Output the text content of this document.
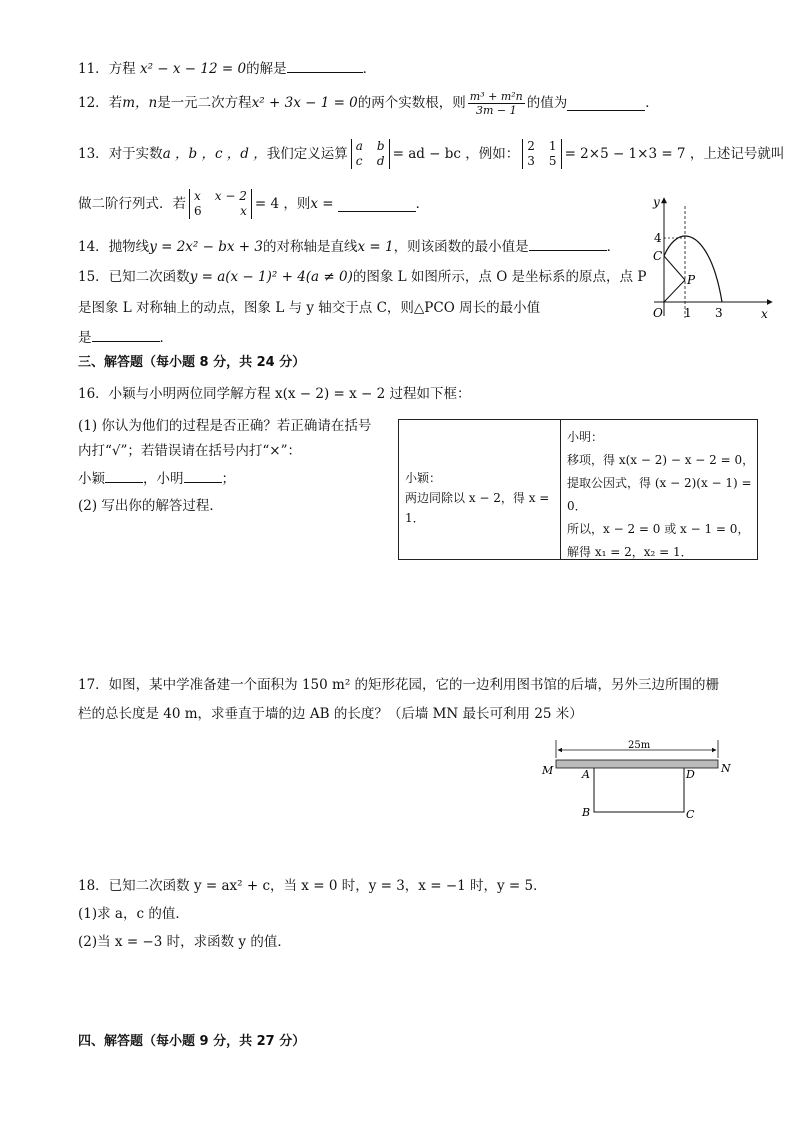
11．方程 x² − x − 12 = 0的解是	．
12． 若 m，n 是一元二次方程 x² + 3x − 1 = 0 的两个实数根，则 $\frac{\text{m³ + m²n}}{3m - 1}$ 的值为	．
13． 对于实数 a ，b ，c ，d ， 我们定义运算 a b
c d = ad − bc ， 例如： 2 1
3 5 = 2×5 − 1×3 = 7 ，上述记号就叫
做二阶行列式．若 x x − 2
6	x = 4 ，则 x =	．
14．抛物线y = 2x² − bx + 3的对称轴是直线x = 1，则该函数的最小值是	．
15．已知二次函数y = a(x − 1)² + 4(a ≠ 0)的图象 L 如图所示，点 O 是坐标系的原点，点 P
是图象 L 对称轴上的动点，图象 L 与 y 轴交于点 C，则△PCO 周长的最小值
是	．
y
x
4
C
P
O 1 3
三、解答题（每小题 8 分，共 24 分）
16．小颖与小明两位同学解方程 x(x − 2) = x − 2 过程如下框：
(1) 你认为他们的过程是否正确？若正确请在括号
内打“√”；若错误请在括号内打“×”：
小颖	，小明	；
(2) 写出你的解答过程．
小颖：
两边同除以 x − 2，得 x = 1．
小明：
移项，得 x(x − 2) − x − 2 = 0，
提取公因式，得 (x − 2)(x − 1) = 0．
所以，x − 2 = 0 或 x − 1 = 0，
解得 x₁ = 2，x₂ = 1．
17．如图，某中学准备建一个面积为 150 m² 的矩形花园，它的一边利用图书馆的后墙，另外三边所围的栅
栏的总长度是 40 m，求垂直于墙的边 AB 的长度？（后墙 MN 最长可利用 25 米）
25m
M	N
A	D
B	C
18．已知二次函数 y = ax² + c，当 x = 0 时，y = 3，x = −1 时，y = 5．
(1)求 a，c 的值．
(2)当 x = −3 时，求函数 y 的值．
四、解答题（每小题 9 分，共 27 分）
